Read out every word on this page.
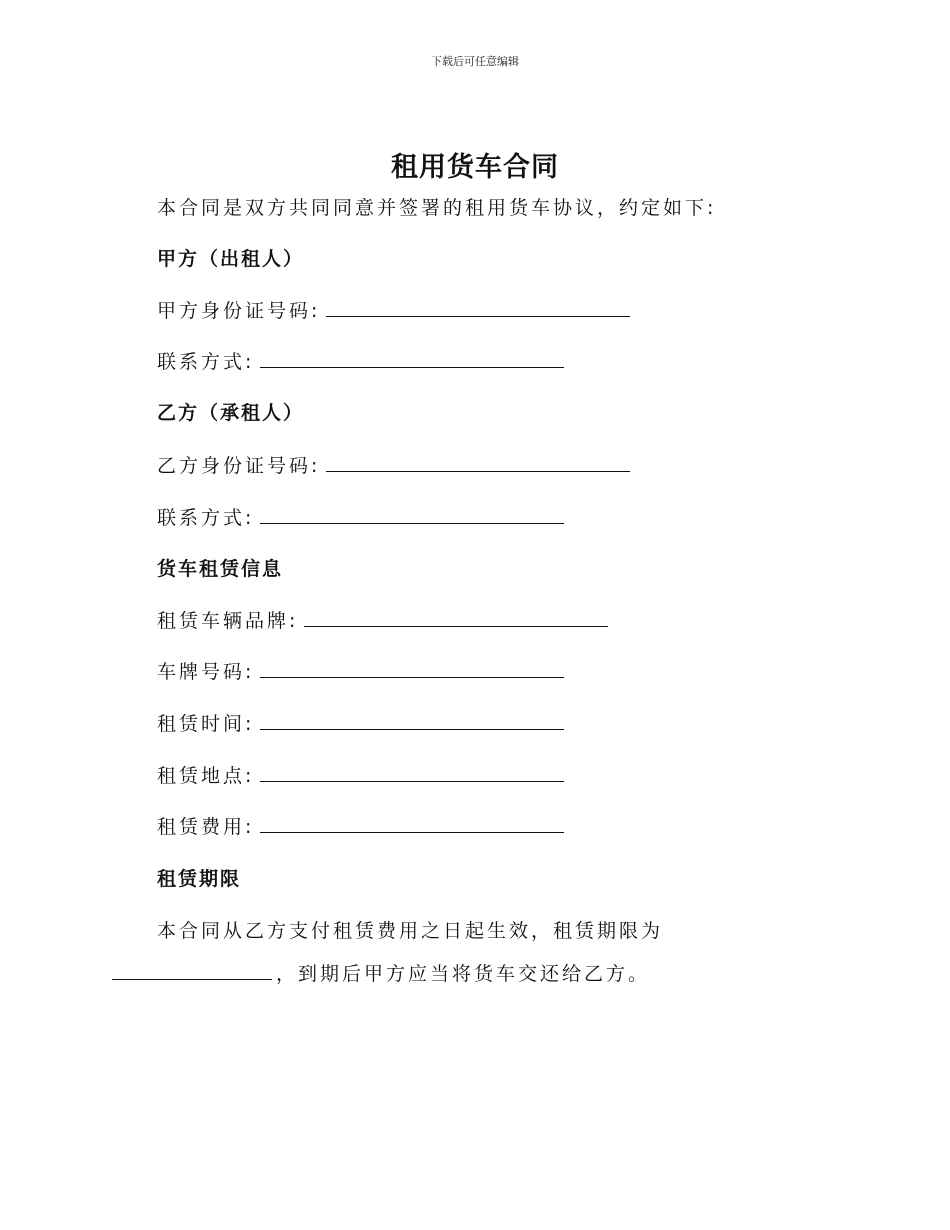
下载后可任意编辑
租用货车合同
本合同是双方共同同意并签署的租用货车协议，约定如下:
甲方（出租人）
甲方身份证号码:
联系方式:
乙方（承租人）
乙方身份证号码:
联系方式:
货车租赁信息
租赁车辆品牌:
车牌号码:
租赁时间:
租赁地点:
租赁费用:
租赁期限
本合同从乙方支付租赁费用之日起生效，租赁期限为
，到期后甲方应当将货车交还给乙方。
